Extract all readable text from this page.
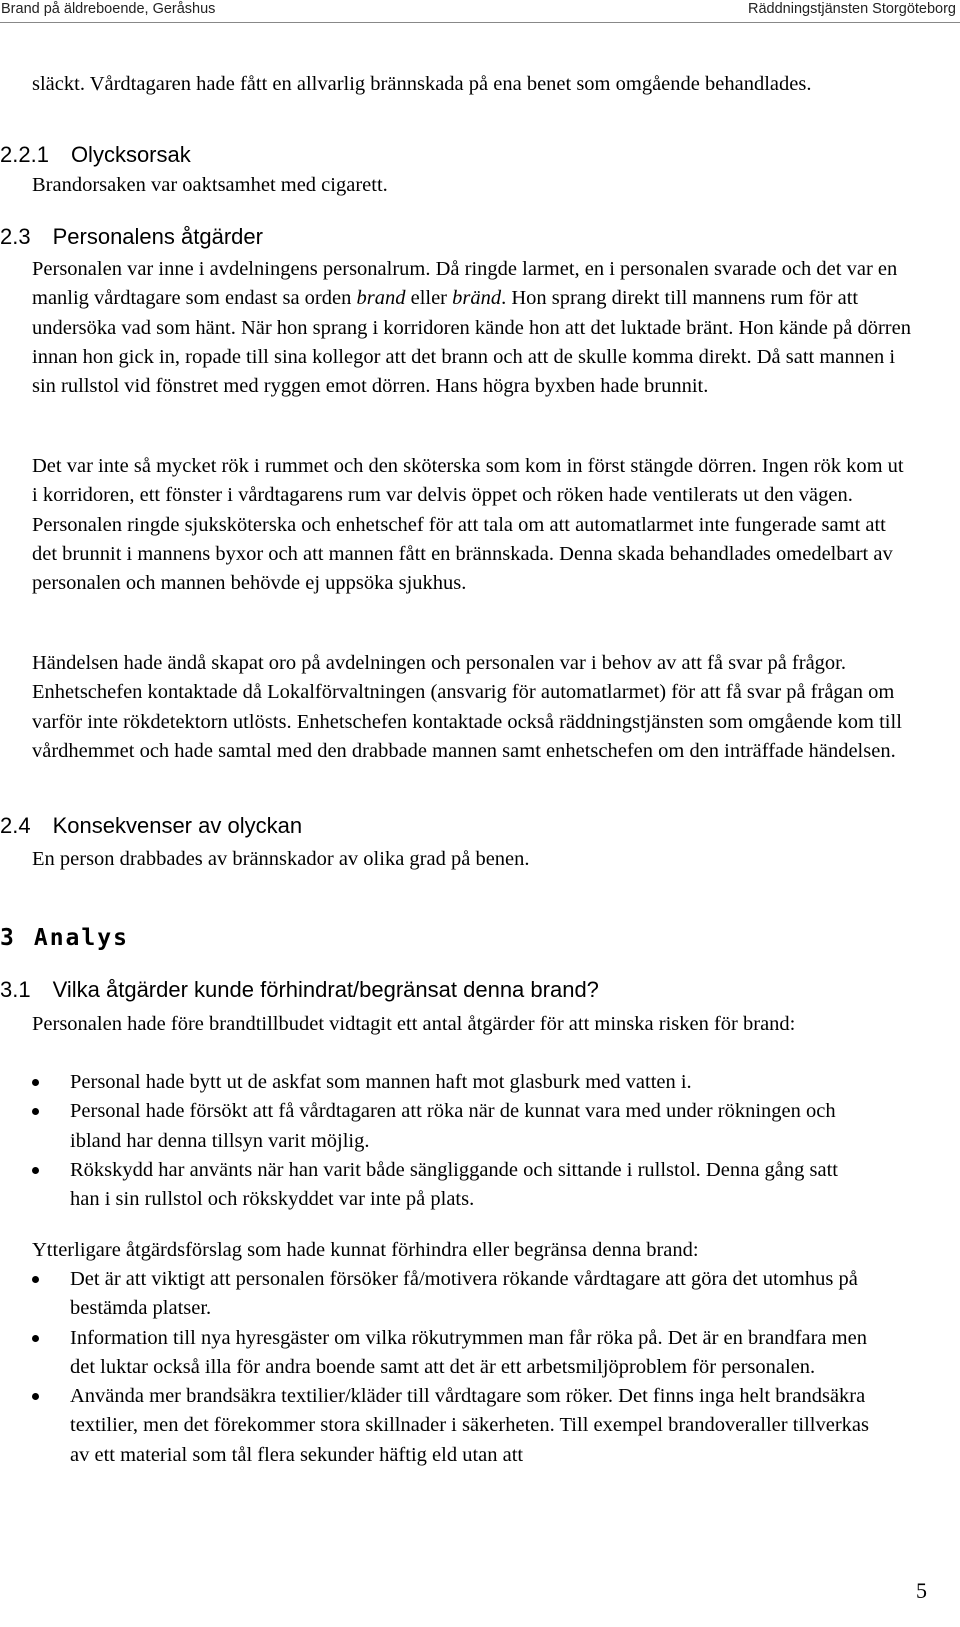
Brand på äldreboende, Geråshus	Räddningstjänsten Storgöteborg

släckt. Vårdtagaren hade fått en allvarlig brännskada på ena benet som omgående behandlades.

2.2.1 Olycksorsak

Brandorsaken var oaktsamhet med cigarett.

2.3 Personalens åtgärder

Personalen var inne i avdelningens personalrum. Då ringde larmet, en i personalen svarade och det var en manlig vårdtagare som endast sa orden brand eller bränd. Hon sprang direkt till mannens rum för att undersöka vad som hänt. När hon sprang i korridoren kände hon att det luktade bränt. Hon kände på dörren innan hon gick in, ropade till sina kollegor att det brann och att de skulle komma direkt. Då satt mannen i sin rullstol vid fönstret med ryggen emot dörren. Hans högra byxben hade brunnit.

Det var inte så mycket rök i rummet och den sköterska som kom in först stängde dörren. Ingen rök kom ut i korridoren, ett fönster i vårdtagarens rum var delvis öppet och röken hade ventilerats ut den vägen. Personalen ringde sjuksköterska och enhetschef för att tala om att automatlarmet inte fungerade samt att det brunnit i mannens byxor och att mannen fått en brännskada. Denna skada behandlades omedelbart av personalen och mannen behövde ej uppsöka sjukhus.

Händelsen hade ändå skapat oro på avdelningen och personalen var i behov av att få svar på frågor. Enhetschefen kontaktade då Lokalförvaltningen (ansvarig för automatlarmet) för att få svar på frågan om varför inte rökdetektorn utlösts. Enhetschefen kontaktade också räddningstjänsten som omgående kom till vårdhemmet och hade samtal med den drabbade mannen samt enhetschefen om den inträffade händelsen.

2.4 Konsekvenser av olyckan

En person drabbades av brännskador av olika grad på benen.

3 Analys
3.1 Vilka åtgärder kunde förhindrat/begränsat denna brand?

Personalen hade före brandtillbudet vidtagit ett antal åtgärder för att minska risken för brand:

Personal hade bytt ut de askfat som mannen haft mot glasburk med vatten i.
Personal hade försökt att få vårdtagaren att röka när de kunnat vara med under rökningen och ibland har denna tillsyn varit möjlig.
Rökskydd har använts när han varit både sängliggande och sittande i rullstol. Denna gång satt han i sin rullstol och rökskyddet var inte på plats.

Ytterligare åtgärdsförslag som hade kunnat förhindra eller begränsa denna brand:

Det är att viktigt att personalen försöker få/motivera rökande vårdtagare att göra det utomhus på bestämda platser.
Information till nya hyresgäster om vilka rökutrymmen man får röka på. Det är en brandfara men det luktar också illa för andra boende samt att det är ett arbetsmiljöproblem för personalen.
Använda mer brandsäkra textilier/kläder till vårdtagare som röker. Det finns inga helt brandsäkra textilier, men det förekommer stora skillnader i säkerheten. Till exempel brandoveraller tillverkas av ett material som tål flera sekunder häftig eld utan att
5
